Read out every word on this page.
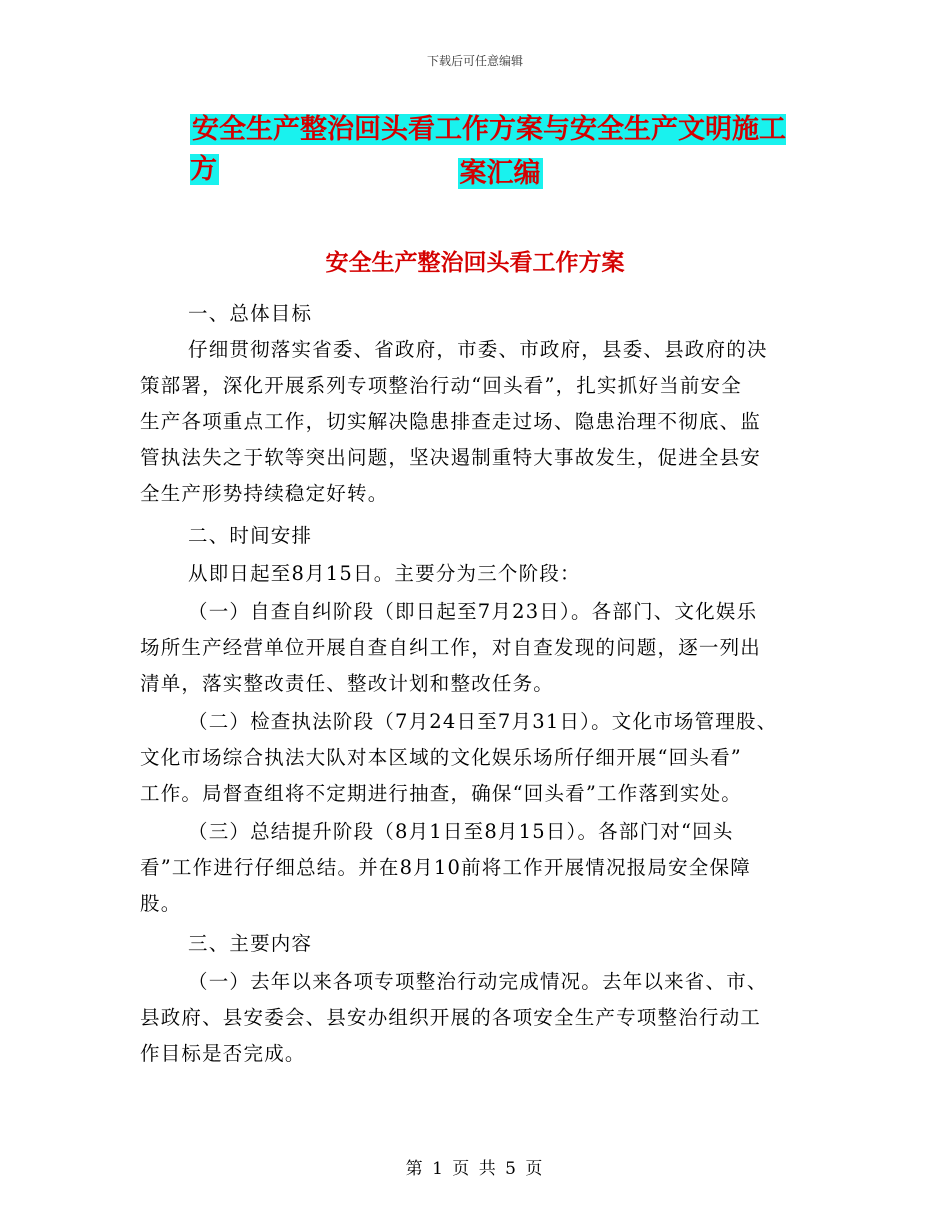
下载后可任意编辑
安全生产整治回头看工作方案与安全生产文明施工方	案汇编
安全生产整治回头看工作方案
一、总体目标
仔细贯彻落实省委、省政府，市委、市政府，县委、县政府的决
策部署，深化开展系列专项整治行动“回头看”，扎实抓好当前安全
生产各项重点工作，切实解决隐患排查走过场、隐患治理不彻底、监
管执法失之于软等突出问题，坚决遏制重特大事故发生，促进全县安
全生产形势持续稳定好转。
二、时间安排
从即日起至8月15日。主要分为三个阶段：
（一）自查自纠阶段（即日起至7月23日）。各部门、文化娱乐
场所生产经营单位开展自查自纠工作，对自查发现的问题，逐一列出
清单，落实整改责任、整改计划和整改任务。
（二）检查执法阶段（7月24日至7月31日）。文化市场管理股、
文化市场综合执法大队对本区域的文化娱乐场所仔细开展“回头看”
工作。局督查组将不定期进行抽查，确保“回头看”工作落到实处。
（三）总结提升阶段（8月1日至8月15日）。各部门对“回头
看”工作进行仔细总结。并在8月10前将工作开展情况报局安全保障
股。
三、主要内容
（一）去年以来各项专项整治行动完成情况。去年以来省、市、
县政府、县安委会、县安办组织开展的各项安全生产专项整治行动工
作目标是否完成。
第 1 页 共 5 页
